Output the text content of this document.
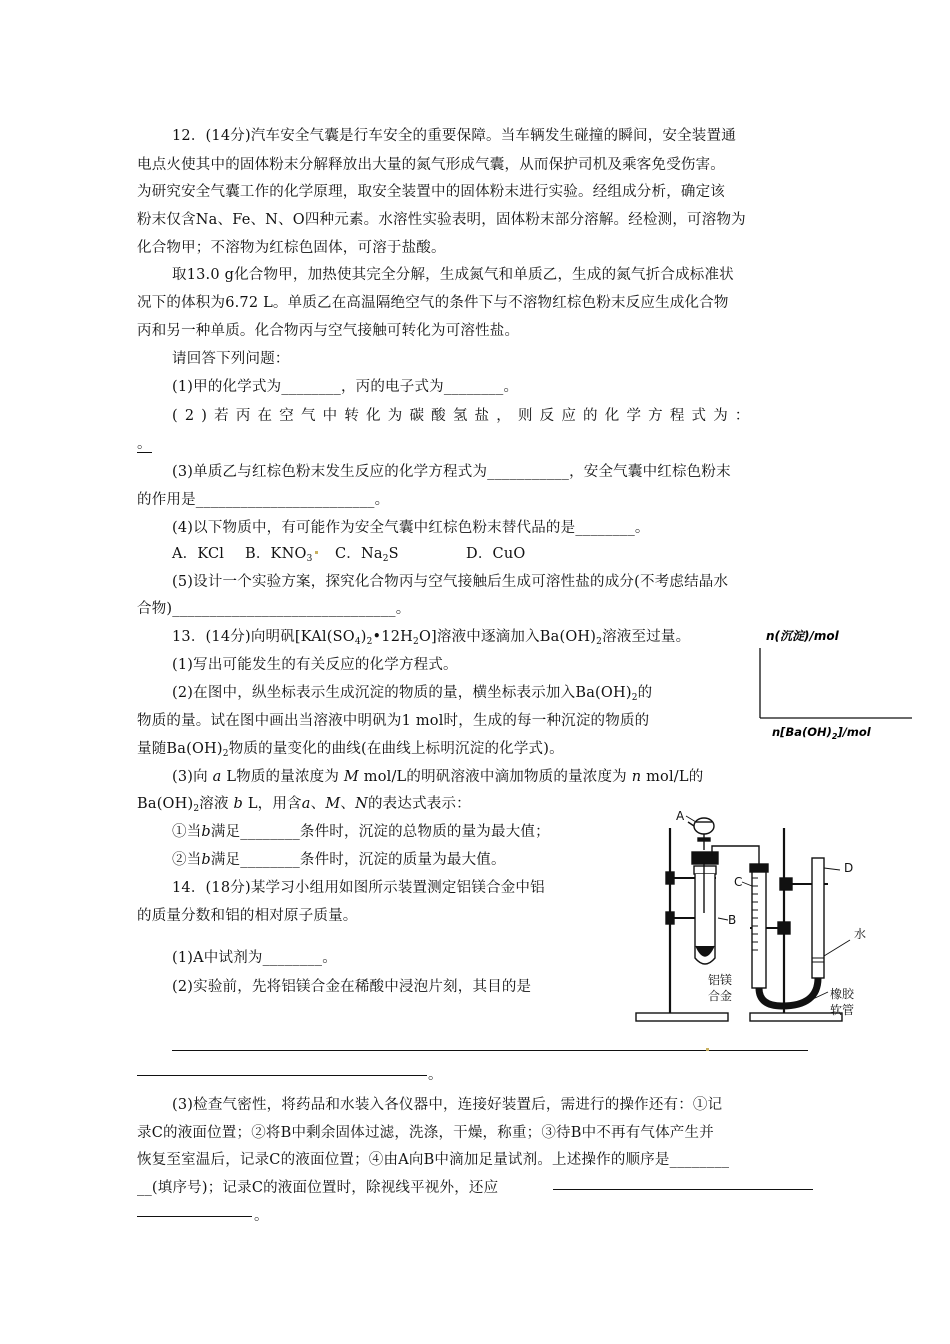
12．(14分)汽车安全气囊是行车安全的重要保障。当车辆发生碰撞的瞬间，安全装置通
电点火使其中的固体粉末分解释放出大量的氮气形成气囊，从而保护司机及乘客免受伤害。
为研究安全气囊工作的化学原理，取安全装置中的固体粉末进行实验。经组成分析，确定该
粉末仅含Na、Fe、N、O四种元素。水溶性实验表明，固体粉末部分溶解。经检测，可溶物为
化合物甲；不溶物为红棕色固体，可溶于盐酸。
取13.0 g化合物甲，加热使其完全分解，生成氮气和单质乙，生成的氮气折合成标准状
况下的体积为6.72 L。单质乙在高温隔绝空气的条件下与不溶物红棕色粉末反应生成化合物
丙和另一种单质。化合物丙与空气接触可转化为可溶性盐。
请回答下列问题：
(1)甲的化学式为________，丙的电子式为________。
(2)若丙在空气中转化为碳酸氢盐，则反应的化学方程式为：
。
(3)单质乙与红棕色粉末发生反应的化学方程式为___________，安全气囊中红棕色粉末
的作用是________________________。
(4)以下物质中，有可能作为安全气囊中红棕色粉末替代品的是________。
A．KCl B．$KNO_3$ C．$Na_2S$	D．CuO
(5)设计一个实验方案，探究化合物丙与空气接触后生成可溶性盐的成分(不考虑结晶水
合物)______________________________。
13．(14分)向明矾$[KAl(SO_4)_2•12H_2O]$溶液中逐滴加入$Ba(OH)_2$溶液至过量。
(1)写出可能发生的有关反应的化学方程式。
(2)在图中，纵坐标表示生成沉淀的物质的量，横坐标表示加入$Ba(OH)_2$的
物质的量。试在图中画出当溶液中明矾为1 mol时，生成的每一种沉淀的物质的
量随$Ba(OH)_2$物质的量变化的曲线(在曲线上标明沉淀的化学式)。
n(沉淀)/mol
$n[Ba(OH)_2]$/mol
(3)向 a L物质的量浓度为 M mol/L的明矾溶液中滴加物质的量浓度为 n mol/L的
$Ba(OH)_2$溶液 b L，用含a、M、N的表达式表示：
①当b满足________条件时，沉淀的总物质的量为最大值；
②当b满足________条件时，沉淀的质量为最大值。
14．(18分)某学习小组用如图所示装置测定铝镁合金中铝
的质量分数和铝的相对原子质量。
(1)A中试剂为________。
(2)实验前，先将铝镁合金在稀酸中浸泡片刻，其目的是
。
(3)检查气密性，将药品和水装入各仪器中，连接好装置后，需进行的操作还有：①记
录C的液面位置；②将B中剩余固体过滤，洗涤，干燥，称重；③待B中不再有气体产生并
恢复至室温后，记录C的液面位置；④由A向B中滴加足量试剂。上述操作的顺序是________
__(填序号)；记录C的液面位置时，除视线平视外，还应
。
A
B
C
D
水
铝镁
合金	橡胶
软管
